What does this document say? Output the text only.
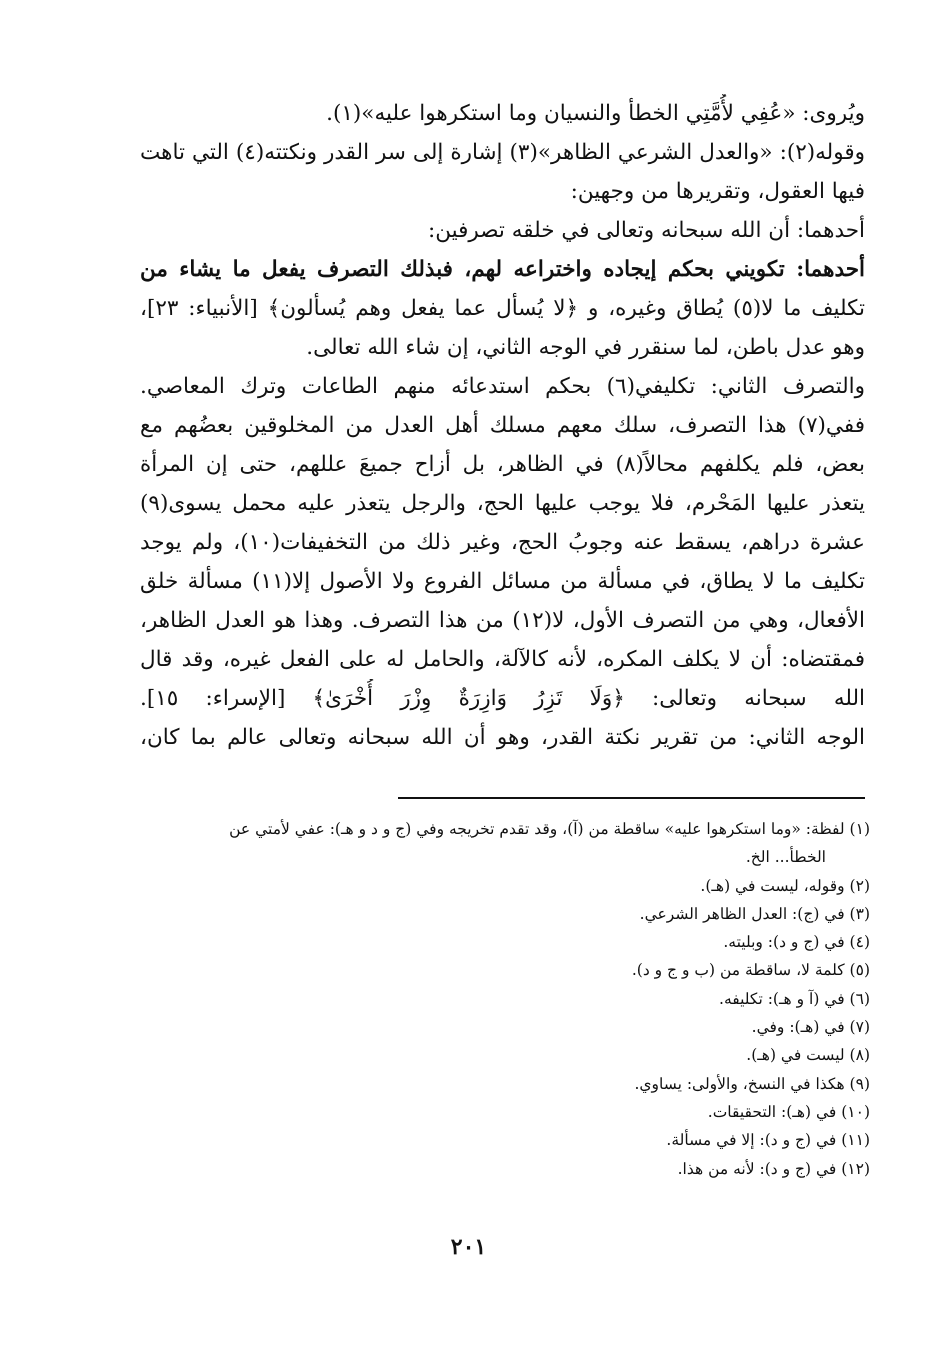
ويُروى: «عُفِي لأُمَّتِي الخطأ والنسيان وما استكرهوا عليه»(١).
وقوله(٢): «والعدل الشرعي الظاهر»(٣) إشارة إلى سر القدر ونكتته(٤) التي تاهت
فيها العقول، وتقريرها من وجهين:
أحدهما: أن الله سبحانه وتعالى في خلقه تصرفين:
أحدهما: تكويني بحكم إيجاده واختراعه لهم، فبذلك التصرف يفعل ما يشاء من
تكليف ما لا(٥) يُطاق وغيره، و ﴿لا يُسأل عما يفعل وهم يُسألون﴾ [الأنبياء: ٢٣]،
وهو عدل باطن، لما سنقرر في الوجه الثاني، إن شاء الله تعالى.
والتصرف الثاني: تكليفي(٦) بحكم استدعائه منهم الطاعات وترك المعاصي.
ففي(٧) هذا التصرف، سلك معهم مسلك أهل العدل من المخلوقين بعضُهم مع
بعض، فلم يكلفهم محالاً(٨) في الظاهر، بل أزاح جميعَ عللهم، حتى إن المرأة
يتعذر عليها المَحْرم، فلا يوجب عليها الحج، والرجل يتعذر عليه محمل يسوى(٩)
عشرة دراهم، يسقط عنه وجوبُ الحج، وغير ذلك من التخفيفات(١٠)، ولم يوجد
تكليف ما لا يطاق، في مسألة من مسائل الفروع ولا الأصول إلا(١١) مسألة خلق
الأفعال، وهي من التصرف الأول، لا(١٢) من هذا التصرف. وهذا هو العدل الظاهر،
فمقتضاه: أن لا يكلف المكره، لأنه كالآلة، والحامل له على الفعل غيره، وقد قال
الله سبحانه وتعالى: ﴿وَلَا تَزِرُ وَازِرَةٌ وِزْرَ أُخْرَىٰ﴾ [الإسراء: ١٥].
الوجه الثاني: من تقرير نكتة القدر، وهو أن الله سبحانه وتعالى عالم بما كان،
(١) لفظة: «وما استكرهوا عليه» ساقطة من (آ)، وقد تقدم تخريجه وفي (ج و د و هـ): عفي لأمتي عن
الخطأ... الخ.
(٢) وقوله، ليست في (هـ).
(٣) في (ج): العدل الظاهر الشرعي.
(٤) في (ج و د): وبليته.
(٥) كلمة لا، ساقطة من (ب و ج و د).
(٦) في (آ و هـ): تكليفه.
(٧) في (هـ): وفي.
(٨) ليست في (هـ).
(٩) هكذا في النسخ، والأولى: يساوي.
(١٠) في (هـ): التحقيقات.
(١١) في (ج و د): إلا في مسألة.
(١٢) في (ج و د): لأنه من هذا.
٢٠١
